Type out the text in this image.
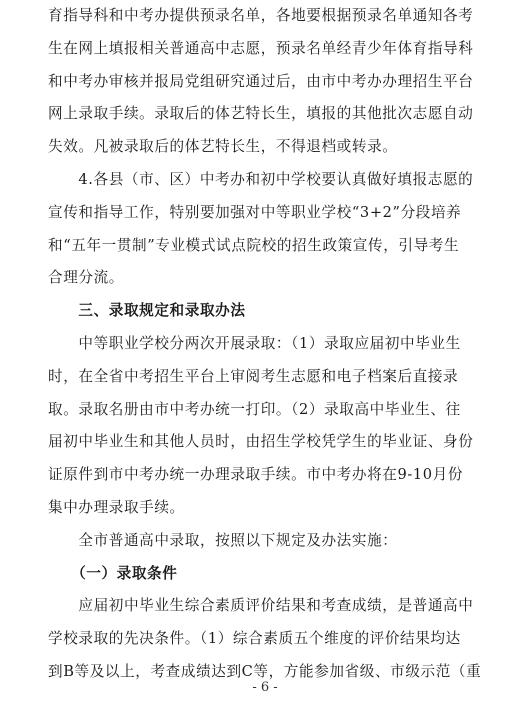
育指导科和中考办提供预录名单，各地要根据预录名单通知各考
生在网上填报相关普通高中志愿，预录名单经青少年体育指导科
和中考办审核并报局党组研究通过后，由市中考办办理招生平台
网上录取手续。录取后的体艺特长生，填报的其他批次志愿自动
失效。凡被录取后的体艺特长生，不得退档或转录。
　　4.各县（市、区）中考办和初中学校要认真做好填报志愿的
宣传和指导工作，特别要加强对中等职业学校“3+2”分段培养
和“五年一贯制”专业模式试点院校的招生政策宣传，引导考生
合理分流。
　　三、录取规定和录取办法
　　中等职业学校分两次开展录取：（1）录取应届初中毕业生
时，在全省中考招生平台上审阅考生志愿和电子档案后直接录
取。录取名册由市中考办统一打印。（2）录取高中毕业生、往
届初中毕业生和其他人员时，由招生学校凭学生的毕业证、身份
证原件到市中考办统一办理录取手续。市中考办将在9-10月份
集中办理录取手续。
　　全市普通高中录取，按照以下规定及办法实施：
　　（一）录取条件
　　应届初中毕业生综合素质评价结果和考查成绩，是普通高中
学校录取的先决条件。（1）综合素质五个维度的评价结果均达
到B等及以上，考查成绩达到C等，方能参加省级、市级示范（重
- 6 -
